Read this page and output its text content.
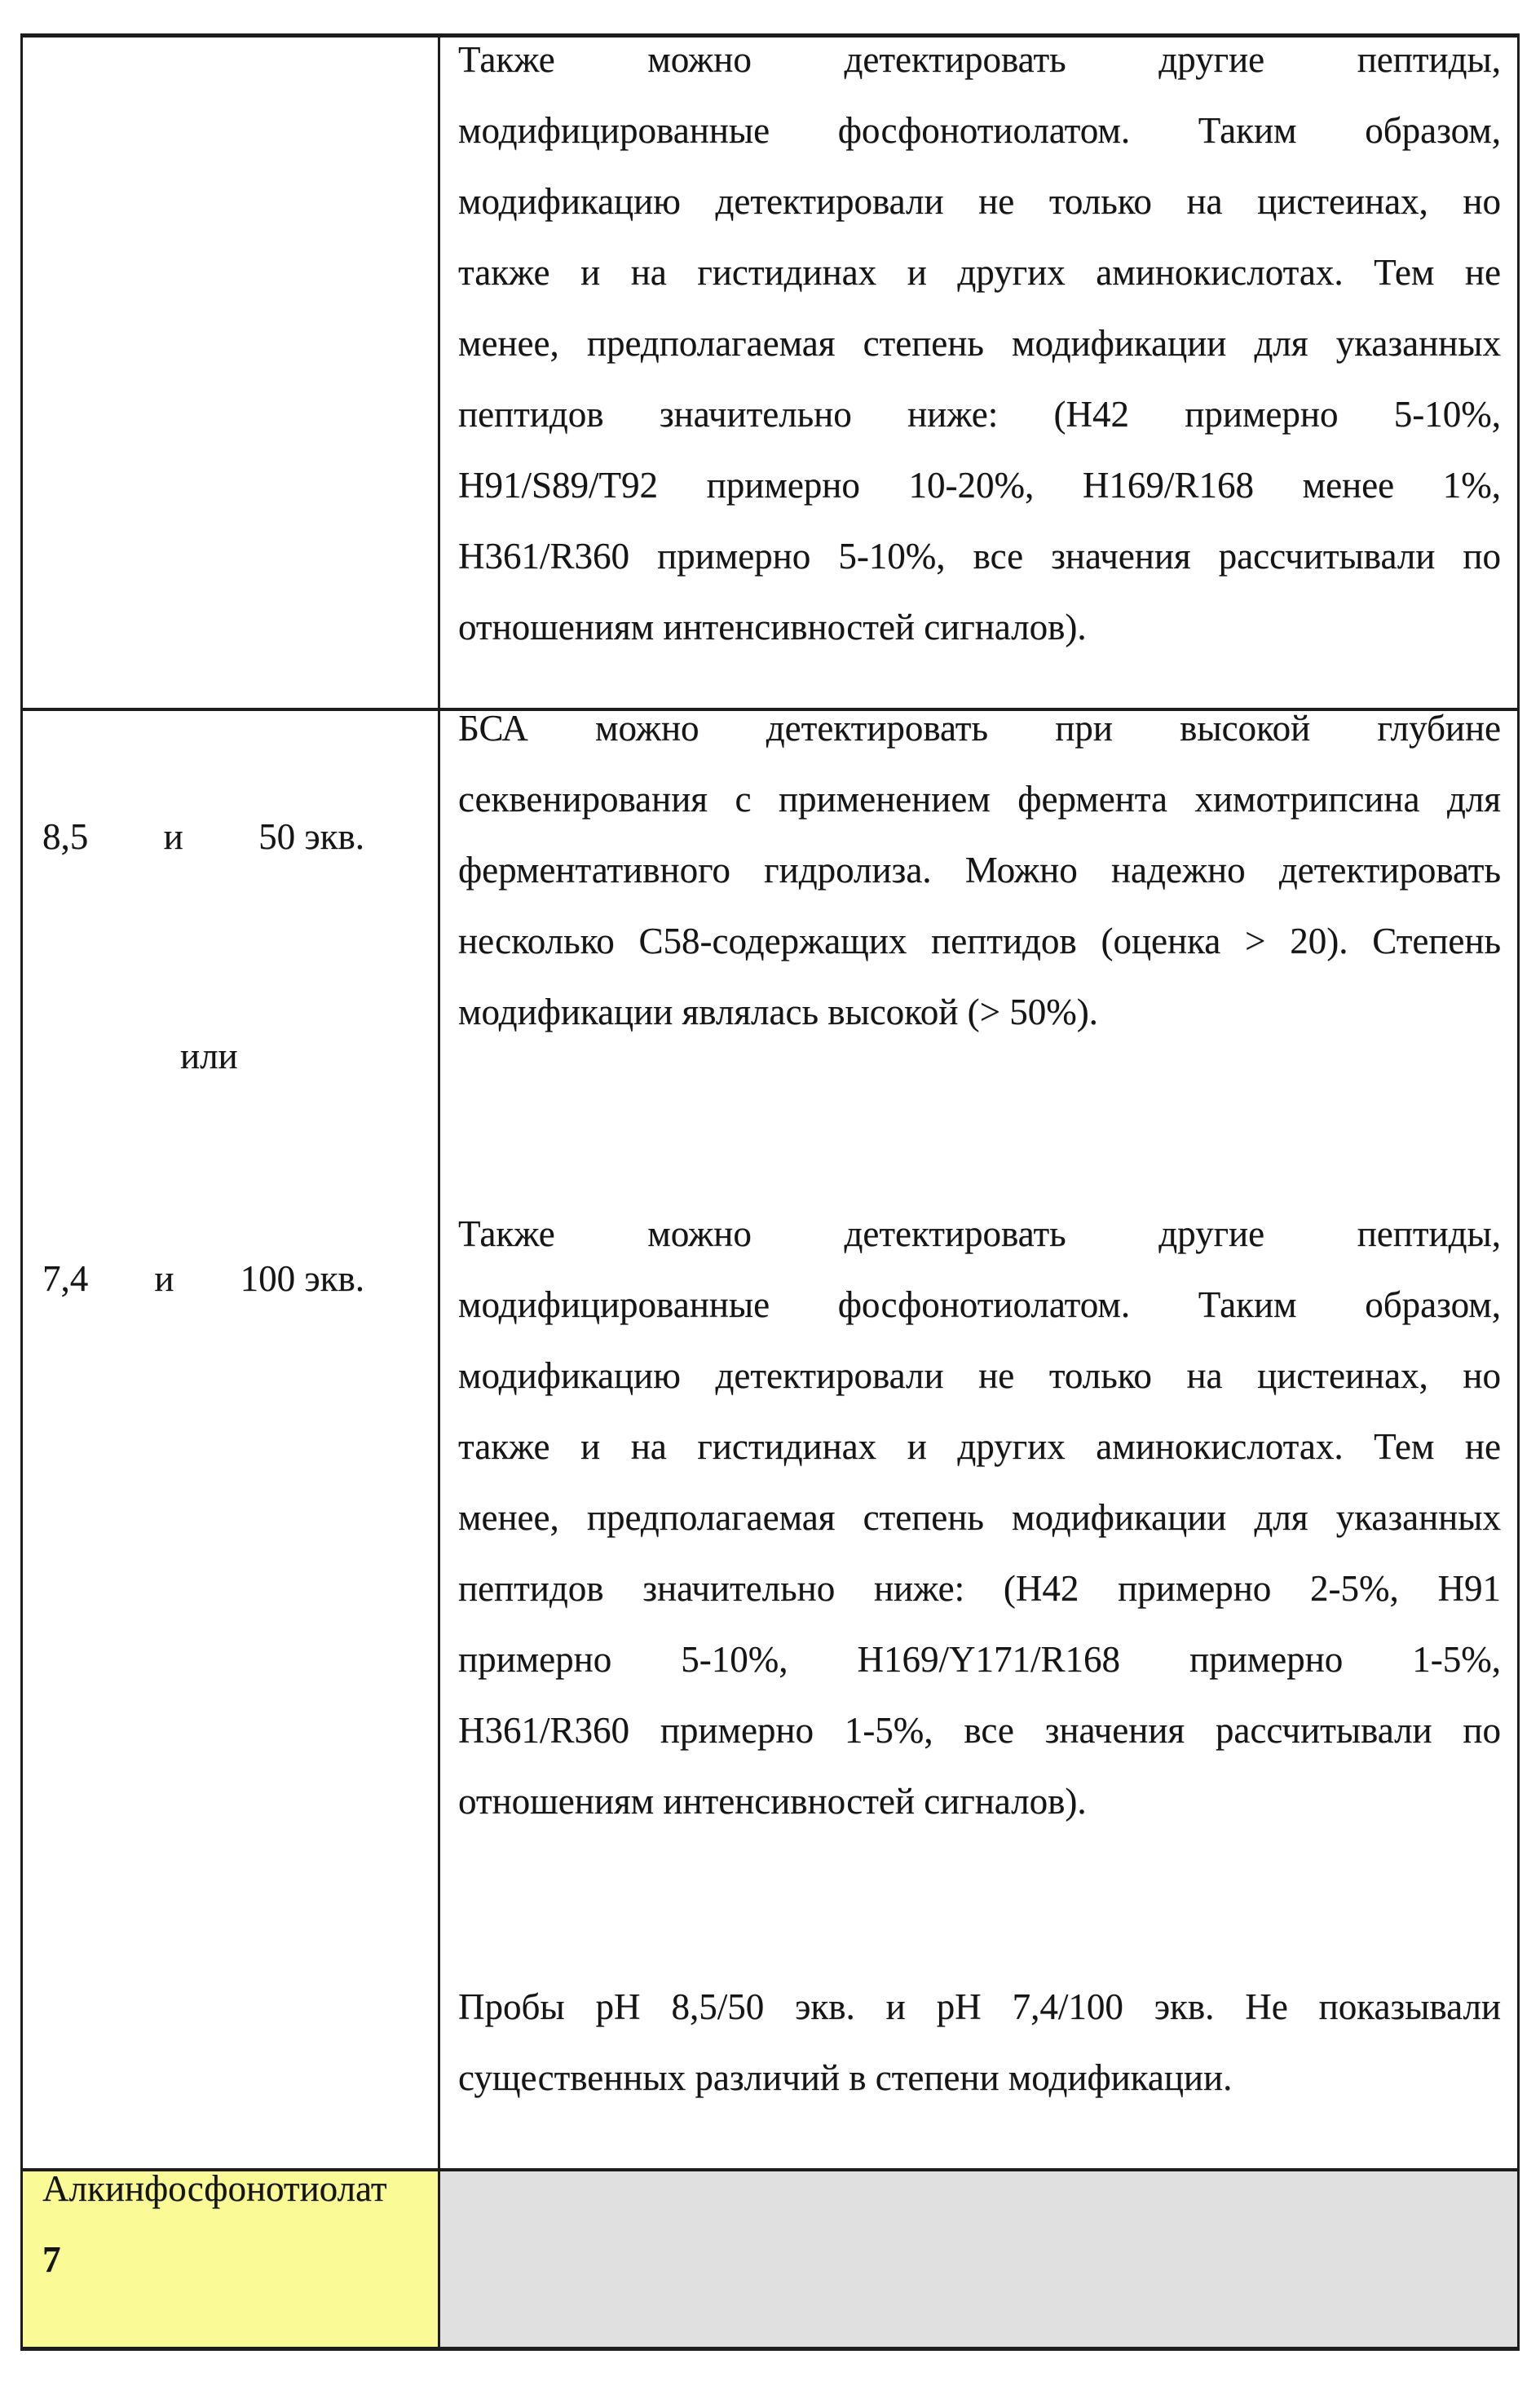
Также можно детектировать другие пептиды,
модифицированные фосфонотиолатом. Таким образом,
модификацию детектировали не только на цистеинах, но
также и на гистидинах и других аминокислотах. Тем не
менее, предполагаемая степень модификации для указанных
пептидов значительно ниже: (H42 примерно 5-10%,
H91/S89/T92 примерно 10-20%, H169/R168 менее 1%,
H361/R360 примерно 5-10%, все значения рассчитывали по
отношениям интенсивностей сигналов).
8,5 и 50 экв.
или
7,4 и 100 экв.
БСА можно детектировать при высокой глубине
секвенирования с применением фермента химотрипсина для
ферментативного гидролиза. Можно надежно детектировать
несколько C58-содержащих пептидов (оценка > 20). Степень
модификации являлась высокой (> 50%).
Также можно детектировать другие пептиды,
модифицированные фосфонотиолатом. Таким образом,
модификацию детектировали не только на цистеинах, но
также и на гистидинах и других аминокислотах. Тем не
менее, предполагаемая степень модификации для указанных
пептидов значительно ниже: (H42 примерно 2-5%, H91
примерно 5-10%, H169/Y171/R168 примерно 1-5%,
H361/R360 примерно 1-5%, все значения рассчитывали по
отношениям интенсивностей сигналов).
Пробы pH 8,5/50 экв. и pH 7,4/100 экв. Не показывали
существенных различий в степени модификации.
Алкинфосфонотиолат
7
